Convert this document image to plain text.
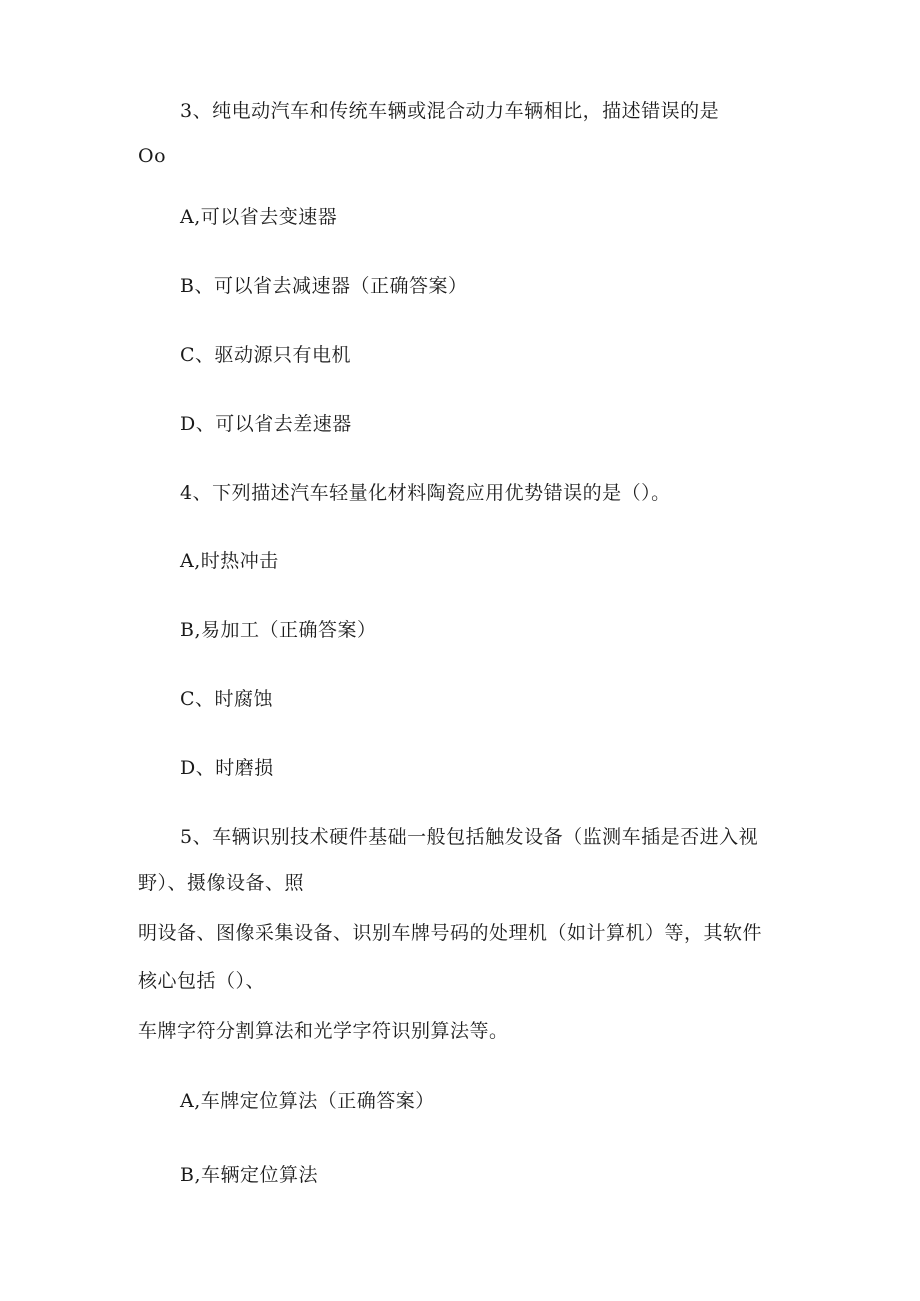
3、纯电动汽车和传统车辆或混合动力车辆相比，描述错误的是
Oo
A,可以省去变速器
B、可以省去减速器（正确答案）
C、驱动源只有电机
D、可以省去差速器
4、下列描述汽车轻量化材料陶瓷应用优势错误的是（）。
A,时热冲击
B,易加工（正确答案）
C、时腐蚀
D、时磨损
5、车辆识别技术硬件基础一般包括触发设备（监测车插是否进入视
野）、摄像设备、照
明设备、图像采集设备、识别车牌号码的处理机（如计算机）等，其软件
核心包括（）、
车牌字符分割算法和光学字符识别算法等。
A,车牌定位算法（正确答案）
B,车辆定位算法
